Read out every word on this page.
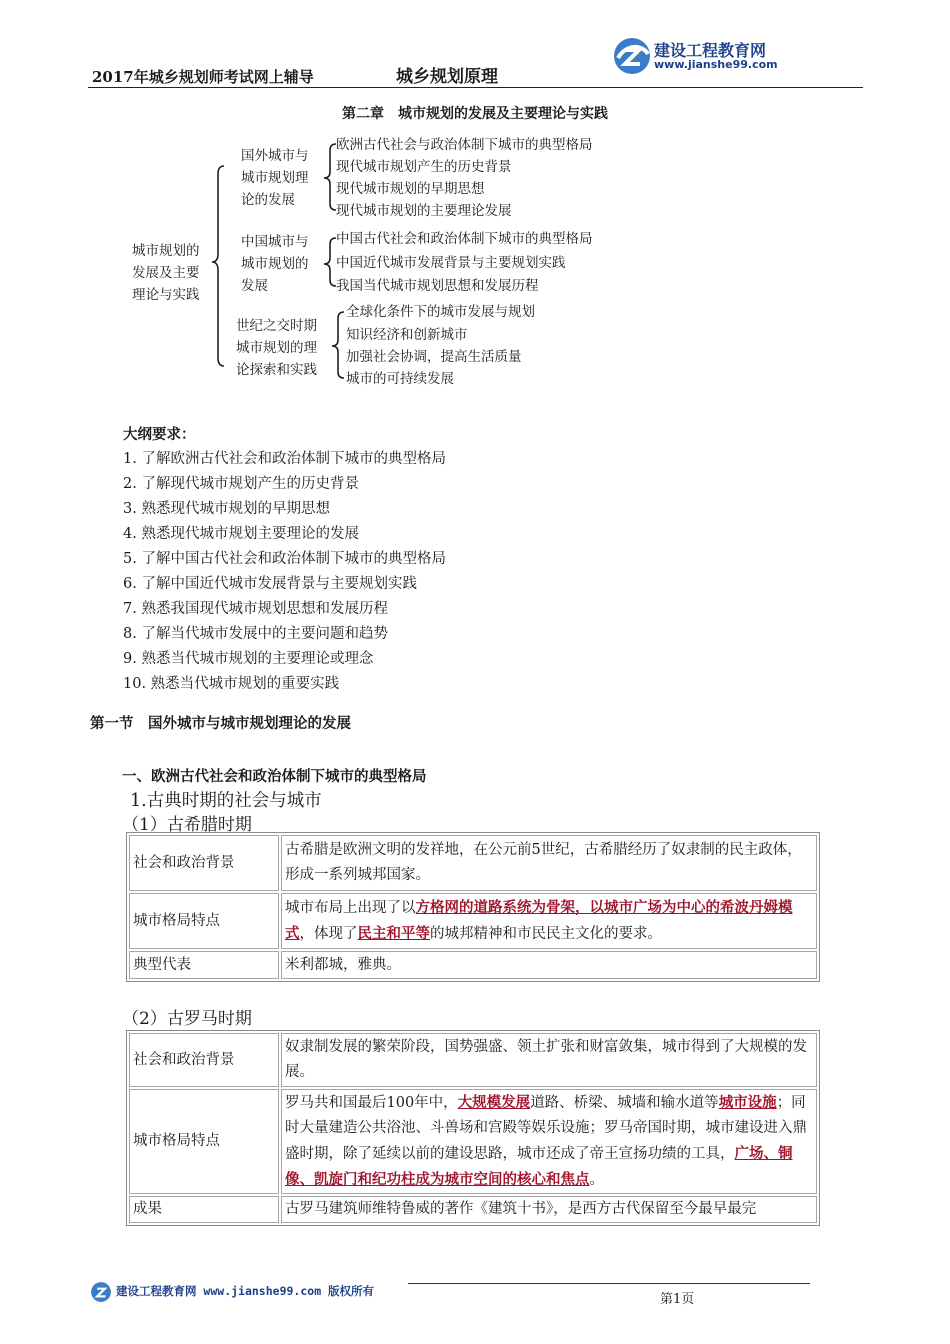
2017年城乡规划师考试网上辅导	城乡规划原理
建设工程教育网
www.jianshe99.com
第二章　城市规划的发展及主要理论与实践
城市规划的
发展及主要
理论与实践
国外城市与
城市规划理
论的发展
欧洲古代社会与政治体制下城市的典型格局
现代城市规划产生的历史背景
现代城市规划的早期思想
现代城市规划的主要理论发展
中国城市与
城市规划的
发展
中国古代社会和政治体制下城市的典型格局
中国近代城市发展背景与主要规划实践
我国当代城市规划思想和发展历程
世纪之交时期
城市规划的理
论探索和实践
全球化条件下的城市发展与规划
知识经济和创新城市
加强社会协调，提高生活质量
城市的可持续发展
大纲要求：
1. 了解欧洲古代社会和政治体制下城市的典型格局
2. 了解现代城市规划产生的历史背景
3. 熟悉现代城市规划的早期思想
4. 熟悉现代城市规划主要理论的发展
5. 了解中国古代社会和政治体制下城市的典型格局
6. 了解中国近代城市发展背景与主要规划实践
7. 熟悉我国现代城市规划思想和发展历程
8. 了解当代城市发展中的主要问题和趋势
9. 熟悉当代城市规划的主要理论或理念
10. 熟悉当代城市规划的重要实践
第一节　国外城市与城市规划理论的发展
一、欧洲古代社会和政治体制下城市的典型格局
1.古典时期的社会与城市
（1）古希腊时期
社会和政治背景	古希腊是欧洲文明的发祥地，在公元前5世纪，古希腊经历了奴隶制的民主政体，形成一系列城邦国家。
城市格局特点	城市布局上出现了以方格网的道路系统为骨架，以城市广场为中心的希波丹姆模式，体现了民主和平等的城邦精神和市民民主文化的要求。
典型代表	米利都城，雅典。
（2）古罗马时期
社会和政治背景	奴隶制发展的繁荣阶段，国势强盛、领土扩张和财富敛集，城市得到了大规模的发展。
城市格局特点	罗马共和国最后100年中，大规模发展道路、桥梁、城墙和输水道等城市设施；同时大量建造公共浴池、斗兽场和宫殿等娱乐设施；罗马帝国时期，城市建设进入鼎盛时期，除了延续以前的建设思路，城市还成了帝王宣扬功绩的工具，广场、铜像、凯旋门和纪功柱成为城市空间的核心和焦点。
成果	古罗马建筑师维特鲁威的著作《建筑十书》，是西方古代保留至今最早最完
建设工程教育网 www.jianshe99.com 版权所有
第1页
